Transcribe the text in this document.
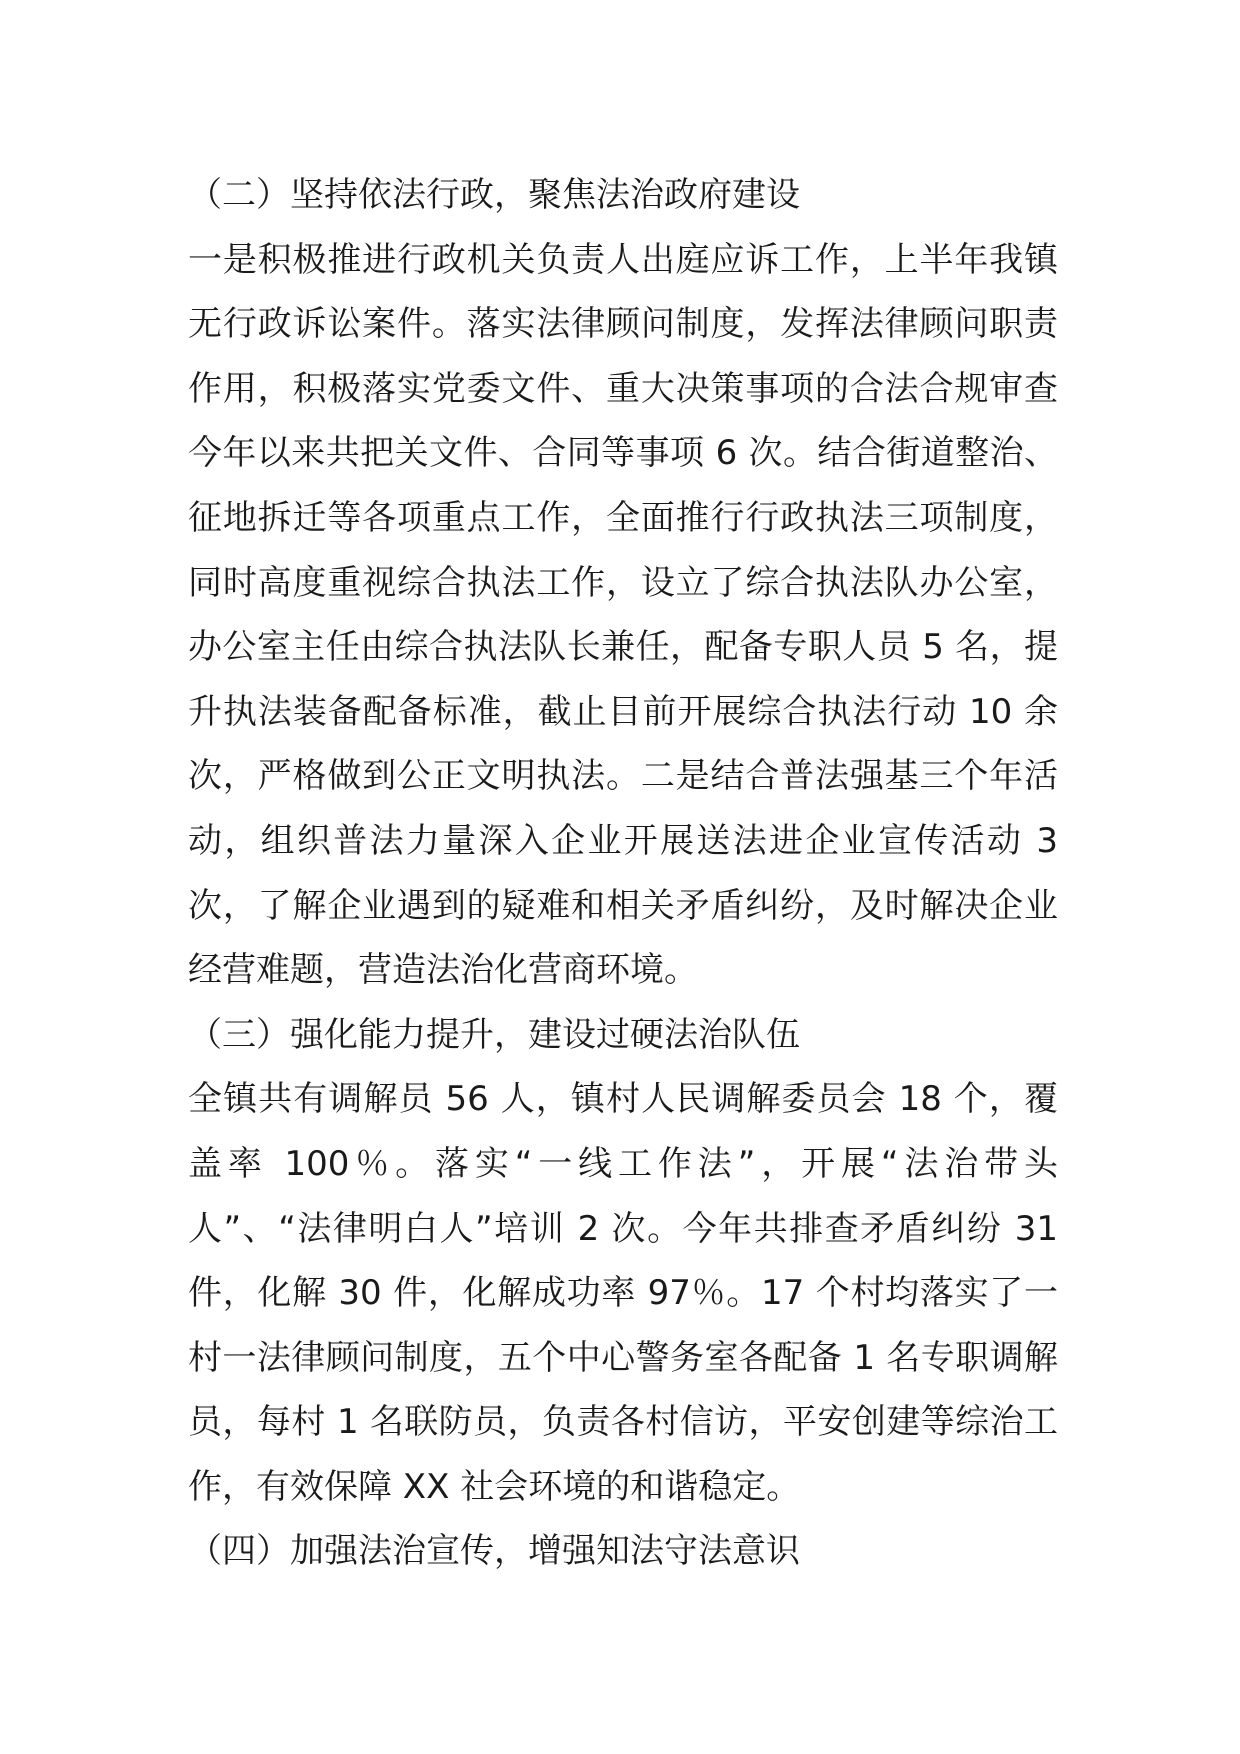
（二）坚持依法行政，聚焦法治政府建设

一是积极推进行政机关负责人出庭应诉工作，上半年我镇无行政诉讼案件。落实法律顾问制度，发挥法律顾问职责作用，积极落实党委文件、重大决策事项的合法合规审查今年以来共把关文件、合同等事项 6 次。结合街道整治、征地拆迁等各项重点工作，全面推行行政执法三项制度，同时高度重视综合执法工作，设立了综合执法队办公室，办公室主任由综合执法队长兼任，配备专职人员 5 名，提升执法装备配备标准，截止目前开展综合执法行动 10 余次，严格做到公正文明执法。二是结合普法强基三个年活动，组织普法力量深入企业开展送法进企业宣传活动 3 次，了解企业遇到的疑难和相关矛盾纠纷，及时解决企业经营难题，营造法治化营商环境。

（三）强化能力提升，建设过硬法治队伍

全镇共有调解员 56 人，镇村人民调解委员会 18 个，覆盖率 100％。落实“一线工作法”，开展“法治带头人”、“法律明白人”培训 2 次。今年共排查矛盾纠纷 31 件，化解 30 件，化解成功率 97％。17 个村均落实了一村一法律顾问制度，五个中心警务室各配备 1 名专职调解员，每村 1 名联防员，负责各村信访，平安创建等综治工作，有效保障 XX 社会环境的和谐稳定。

（四）加强法治宣传，增强知法守法意识
